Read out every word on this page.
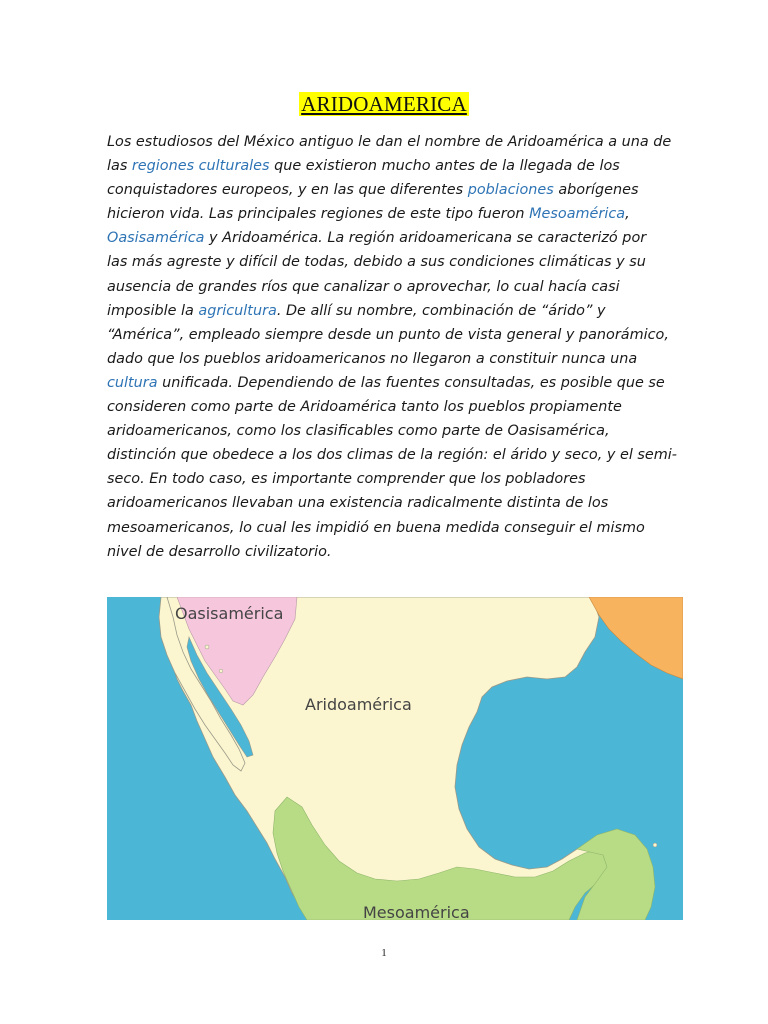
ARIDOAMERICA

Los estudiosos del México antiguo le dan el nombre de Aridoamérica a una de
las regiones culturales que existieron mucho antes de la llegada de los
conquistadores europeos, y en las que diferentes poblaciones aborígenes
hicieron vida. Las principales regiones de este tipo fueron Mesoamérica,
Oasisamérica y Aridoamérica. La región aridoamericana se caracterizó por
las más agreste y difícil de todas, debido a sus condiciones climáticas y su
ausencia de grandes ríos que canalizar o aprovechar, lo cual hacía casi
imposible la agricultura. De allí su nombre, combinación de “árido” y
“América”, empleado siempre desde un punto de vista general y panorámico,
dado que los pueblos aridoamericanos no llegaron a constituir nunca una
cultura unificada. Dependiendo de las fuentes consultadas, es posible que se
consideren como parte de Aridoamérica tanto los pueblos propiamente
aridoamericanos, como los clasificables como parte de Oasisamérica,
distinción que obedece a los dos climas de la región: el árido y seco, y el semi-
seco. En todo caso, es importante comprender que los pobladores
aridoamericanos llevaban una existencia radicalmente distinta de los
mesoamericanos, lo cual les impidió en buena medida conseguir el mismo
nivel de desarrollo civilizatorio.

Oasisamérica
Aridoamérica
Mesoamérica
1
